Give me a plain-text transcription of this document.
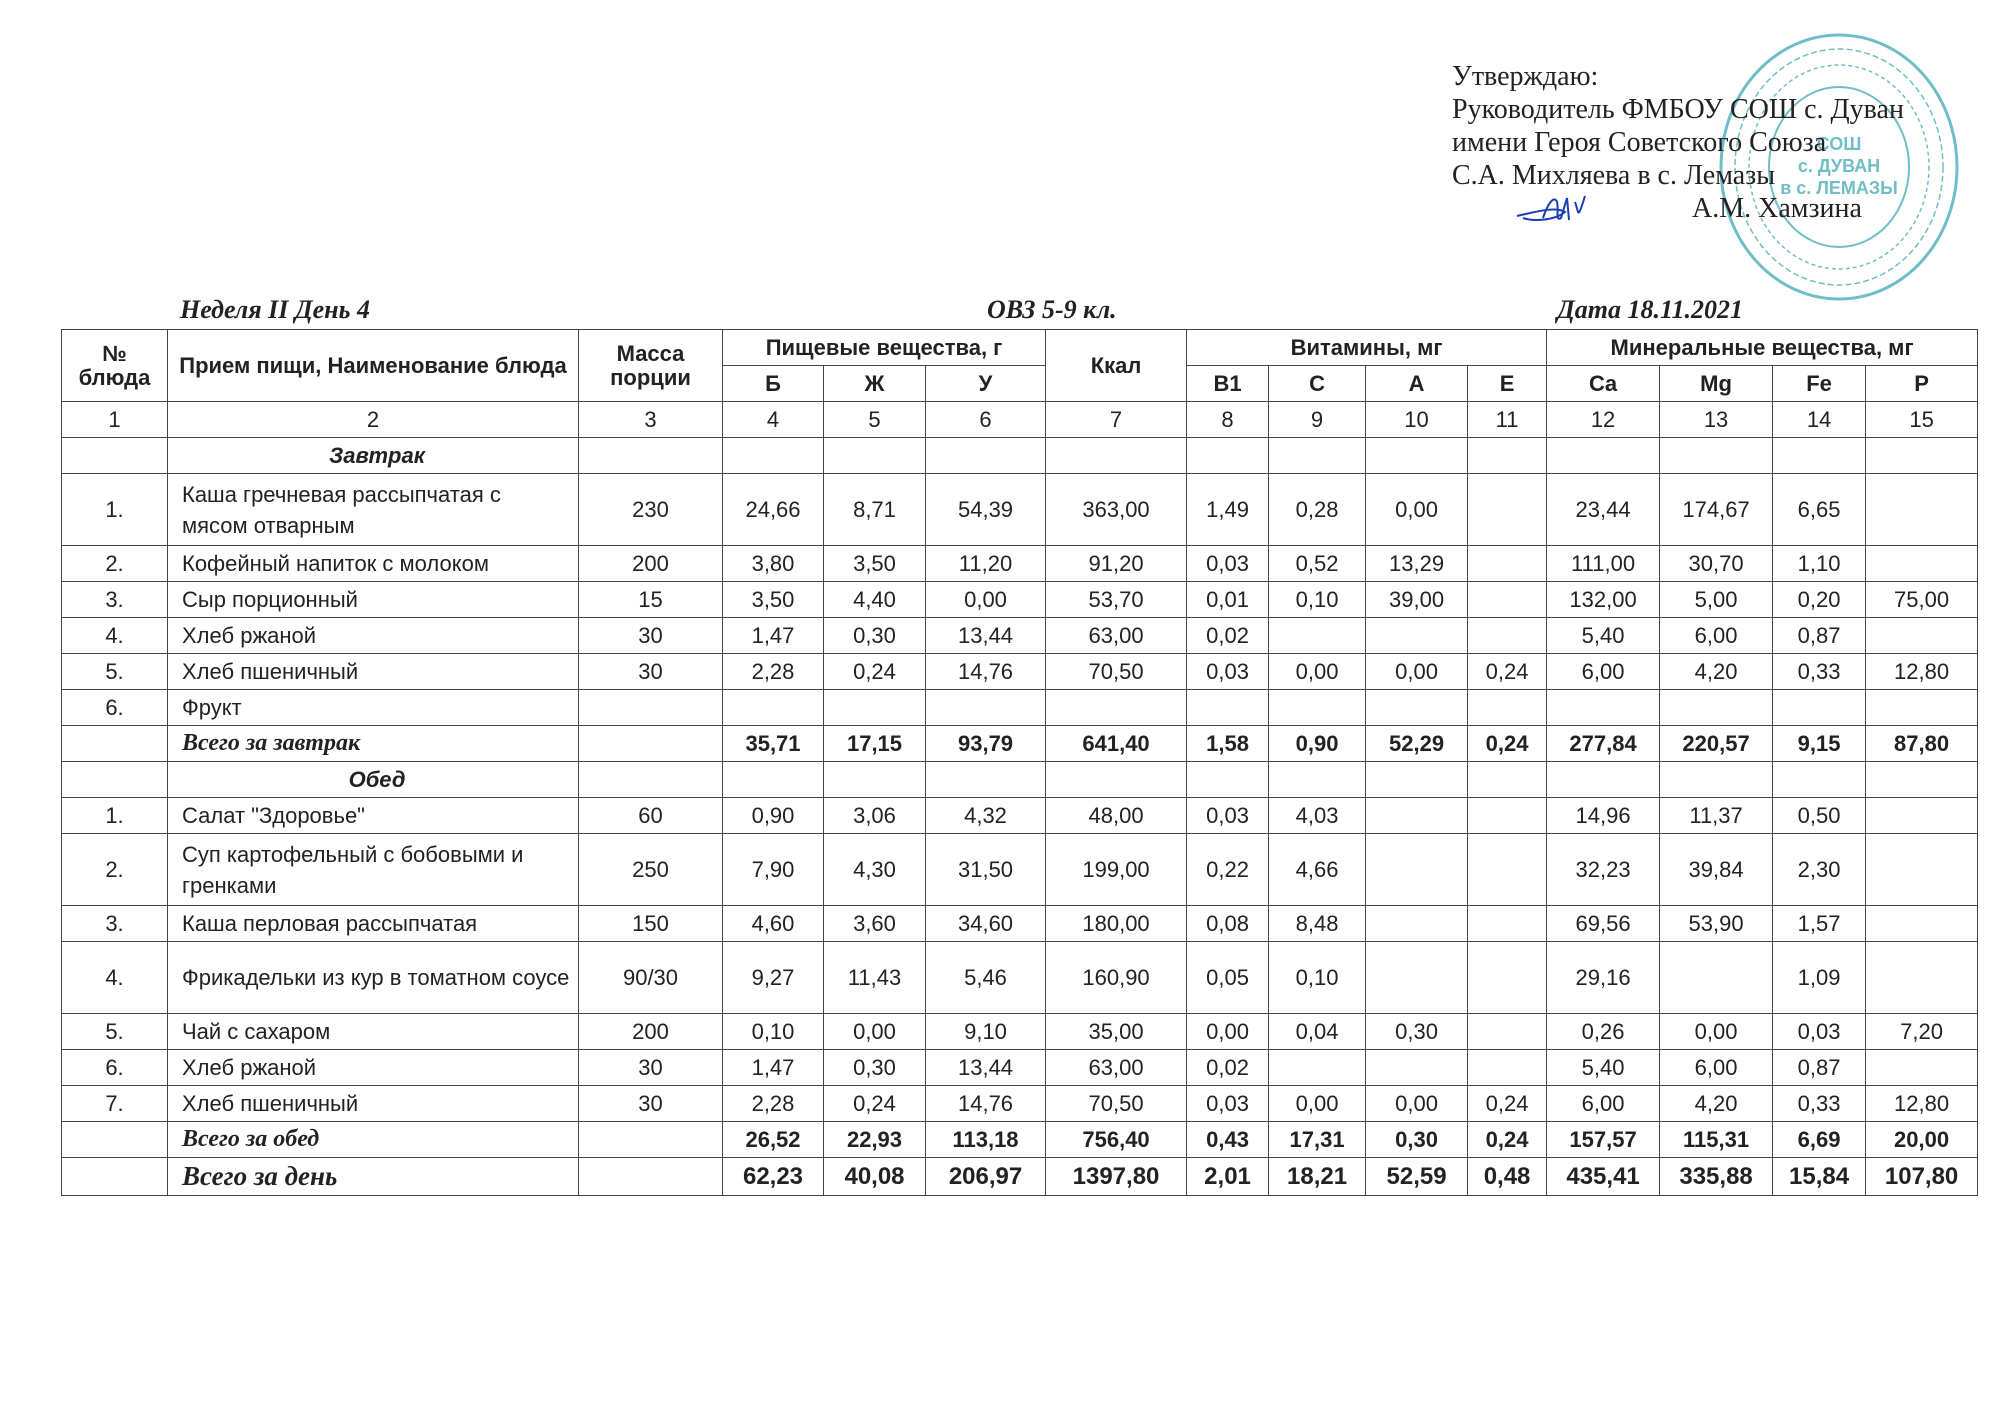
Утверждаю:
Руководитель ФМБОУ СОШ с. Дуван
имени Героя Советского Союза
С.А. Михляева в с. Лемазы
А.М. Хамзина
СОШ
с. ДУВАН
в с. ЛЕМАЗЫ
Неделя II День 4	ОВЗ 5-9 кл.	Дата 18.11.2021
№ блюда	Прием пищи, Наименование блюда	Масса порции	Пищевые вещества, г			Ккал	Витамины, мг				Минеральные вещества, мг			
			Б	Ж	У		B1	C	A	E	Ca	Mg	Fe	P
1	2	3	4	5	6	7	8	9	10	11	12	13	14	15
	Завтрак													
1.	Каша гречневая рассыпчатая с мясом отварным	230	24,66	8,71	54,39	363,00	1,49	0,28	0,00		23,44	174,67	6,65	
2.	Кофейный напиток с молоком	200	3,80	3,50	11,20	91,20	0,03	0,52	13,29		111,00	30,70	1,10	
3.	Сыр порционный	15	3,50	4,40	0,00	53,70	0,01	0,10	39,00		132,00	5,00	0,20	75,00
4.	Хлеб ржаной	30	1,47	0,30	13,44	63,00	0,02				5,40	6,00	0,87	
5.	Хлеб пшеничный	30	2,28	0,24	14,76	70,50	0,03	0,00	0,00	0,24	6,00	4,20	0,33	12,80
6.	Фрукт													
	Всего за завтрак		35,71	17,15	93,79	641,40	1,58	0,90	52,29	0,24	277,84	220,57	9,15	87,80
	Обед													
1.	Салат "Здоровье"	60	0,90	3,06	4,32	48,00	0,03	4,03			14,96	11,37	0,50	
2.	Суп картофельный с бобовыми и гренками	250	7,90	4,30	31,50	199,00	0,22	4,66			32,23	39,84	2,30	
3.	Каша перловая рассыпчатая	150	4,60	3,60	34,60	180,00	0,08	8,48			69,56	53,90	1,57	
4.	Фрикадельки из кур в томатном соусе	90/30	9,27	11,43	5,46	160,90	0,05	0,10			29,16		1,09	
5.	Чай с сахаром	200	0,10	0,00	9,10	35,00	0,00	0,04	0,30		0,26	0,00	0,03	7,20
6.	Хлеб ржаной	30	1,47	0,30	13,44	63,00	0,02				5,40	6,00	0,87	
7.	Хлеб пшеничный	30	2,28	0,24	14,76	70,50	0,03	0,00	0,00	0,24	6,00	4,20	0,33	12,80
	Всего за обед		26,52	22,93	113,18	756,40	0,43	17,31	0,30	0,24	157,57	115,31	6,69	20,00
	Всего за день		62,23	40,08	206,97	1397,80	2,01	18,21	52,59	0,48	435,41	335,88	15,84	107,80
